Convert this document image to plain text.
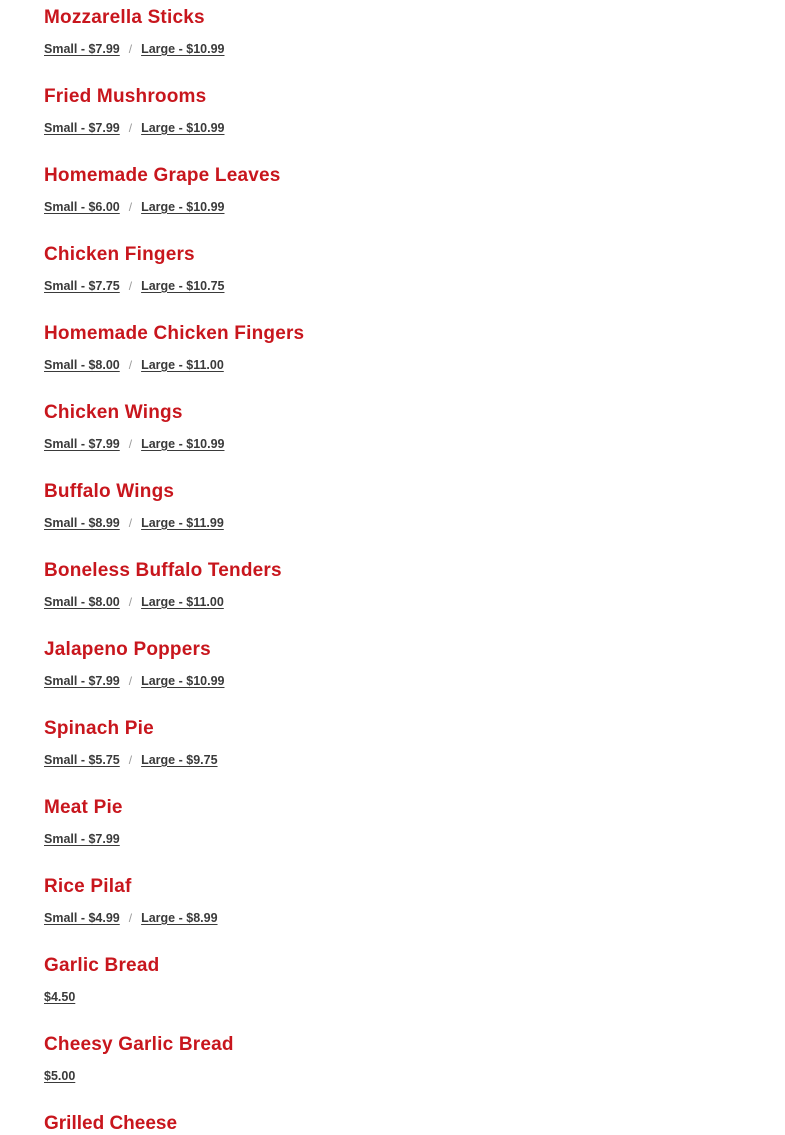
Mozzarella Sticks
Small - $7.99 / Large - $10.99
Fried Mushrooms
Small - $7.99 / Large - $10.99
Homemade Grape Leaves
Small - $6.00 / Large - $10.99
Chicken Fingers
Small - $7.75 / Large - $10.75
Homemade Chicken Fingers
Small - $8.00 / Large - $11.00
Chicken Wings
Small - $7.99 / Large - $10.99
Buffalo Wings
Small - $8.99 / Large - $11.99
Boneless Buffalo Tenders
Small - $8.00 / Large - $11.00
Jalapeno Poppers
Small - $7.99 / Large - $10.99
Spinach Pie
Small - $5.75 / Large - $9.75
Meat Pie
Small - $7.99
Rice Pilaf
Small - $4.99 / Large - $8.99
Garlic Bread
$4.50
Cheesy Garlic Bread
$5.00
Grilled Cheese
